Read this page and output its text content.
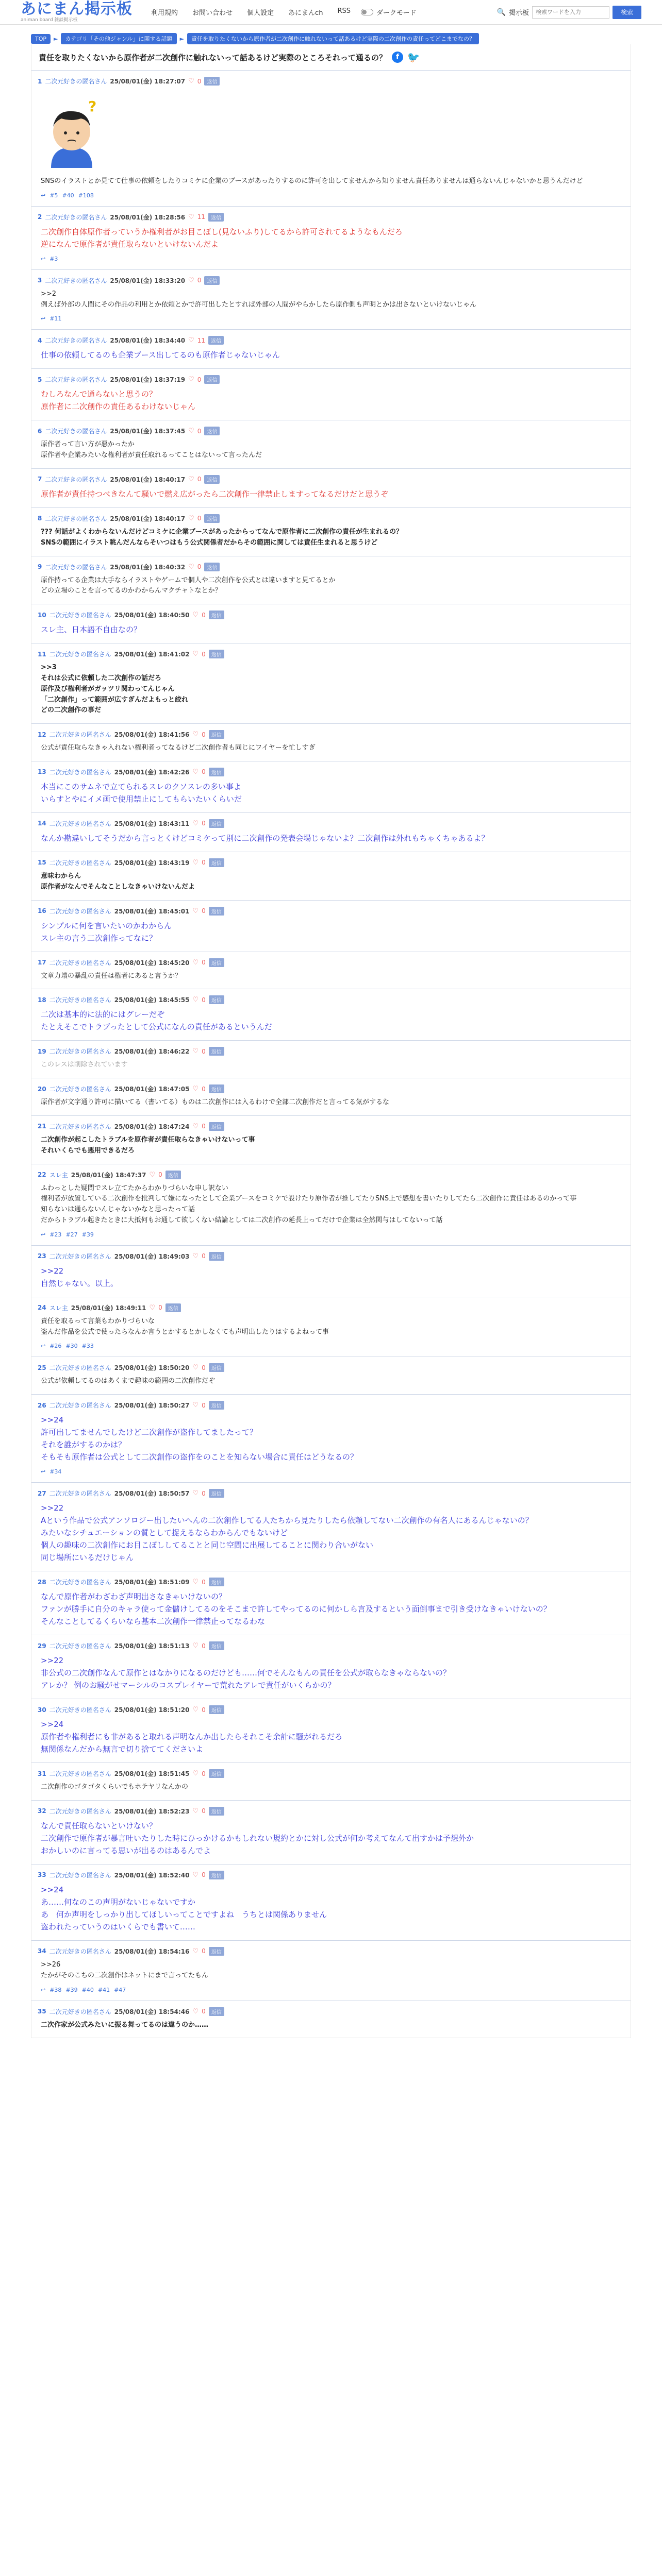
あにまん掲示板
animan board 雑談掲示板
利用規約 お問い合わせ 個人設定 あにまんch RSS	ダークモード	🔍 掲示板
検索ワードを入力	検索
TOP	►	カテゴリ「その他ジャンル」に関する話題	►	責任を取りたくないから原作者が二次創作に触れないって話あるけど実際の二次創作の責任ってどこまでなの？
責任を取りたくないから原作者が二次創作に触れないって話あるけど実際のところそれって通るの？	f 🐦
1 二次元好きの匿名さん 25/08/01(金) 18:27:07 ♡ 0	返信
?
SNSのイラストとか見てて仕事の依頼をしたりコミケに企業のブースがあったりするのに許可を出してませんから知りません責任ありませんは通らないんじゃないかと思うんだけど
↩ #5 #40 #108
2 二次元好きの匿名さん 25/08/01(金) 18:28:56 ♡ 11	返信
二次創作自体原作者っていうか権利者がお目こぼし(見ないふり)してるから許可されてるようなもんだろ
逆になんで原作者が責任取らないといけないんだよ
↩ #3
3 二次元好きの匿名さん 25/08/01(金) 18:33:20 ♡ 0	返信
>>2
例えば外部の人間にその作品の利用とか依頼とかで許可出したとすれば外部の人間がやらかしたら原作側も声明とかは出さないといけないじゃん
↩ #11
4 二次元好きの匿名さん 25/08/01(金) 18:34:40 ♡ 11	返信
仕事の依頼してるのも企業ブース出してるのも原作者じゃないじゃん
5 二次元好きの匿名さん 25/08/01(金) 18:37:19 ♡ 0	返信
むしろなんで通らないと思うの？
原作者に二次創作の責任あるわけないじゃん
6 二次元好きの匿名さん 25/08/01(金) 18:37:45 ♡ 0	返信
原作者って言い方が悪かったか
原作者や企業みたいな権利者が責任取れるってことはないって言ったんだ
7 二次元好きの匿名さん 25/08/01(金) 18:40:17 ♡ 0	返信
原作者が責任持つべきなんて騒いで燃え広がったら二次創作一律禁止しますってなるだけだと思うぞ
8 二次元好きの匿名さん 25/08/01(金) 18:40:17 ♡ 0	返信
??? 何話がよくわからないんだけどコミケに企業ブースがあったからってなんで原作者に二次創作の責任が生まれるの？
SNSの範囲にイラスト眺んだんならそいつはもう公式関係者だからその範囲に関しては責任生まれると思うけど
9 二次元好きの匿名さん 25/08/01(金) 18:40:32 ♡ 0	返信
原作持ってる企業は大手ならイラストやゲームで個人や二次創作を公式とは違いますと見てるとか
どの立場のことを言ってるのかわからんマクチャトなとか？
10 二次元好きの匿名さん 25/08/01(金) 18:40:50 ♡ 0	返信
スレ主、日本語不自由なの？
11 二次元好きの匿名さん 25/08/01(金) 18:41:02 ♡ 0	返信
>>3
それは公式に依頼した二次創作の話だろ
原作及び権利者がガッツリ関わってんじゃん
「二次創作」って範囲が広すぎんだよもっと絞れ
どの二次創作の事だ
12 二次元好きの匿名さん 25/08/01(金) 18:41:56 ♡ 0	返信
公式が責任取らなきゃ入れない権利者ってなるけど二次創作者も同じにワイヤーを忙しすぎ
13 二次元好きの匿名さん 25/08/01(金) 18:42:26 ♡ 0	返信
本当にこのサムネで立てられるスレのクソスレの多い事よ
いらすとやにイメ画で使用禁止にしてもらいたいくらいだ
14 二次元好きの匿名さん 25/08/01(金) 18:43:11 ♡ 0	返信
なんか勘違いしてそうだから言っとくけどコミケって別に二次創作の発表会場じゃないよ？二次創作は外れもちゃくちゃあるよ？
15 二次元好きの匿名さん 25/08/01(金) 18:43:19 ♡ 0	返信
意味わからん
原作者がなんでそんなことしなきゃいけないんだよ
16 二次元好きの匿名さん 25/08/01(金) 18:45:01 ♡ 0	返信
シンプルに何を言いたいのかわからん
スレ主の言う二次創作ってなに？
17 二次元好きの匿名さん 25/08/01(金) 18:45:20 ♡ 0	返信
文章力壊の暴乱の責任は権者にあると言うか？
18 二次元好きの匿名さん 25/08/01(金) 18:45:55 ♡ 0	返信
二次は基本的に法的にはグレーだぞ
たとえそこでトラブったとして公式になんの責任があるというんだ
19 二次元好きの匿名さん 25/08/01(金) 18:46:22 ♡ 0	返信
このレスは削除されています
20 二次元好きの匿名さん 25/08/01(金) 18:47:05 ♡ 0	返信
原作者が文字通り許可に描いてる（書いてる）ものは二次創作には入るわけで全部二次創作だと言ってる気がするな
21 二次元好きの匿名さん 25/08/01(金) 18:47:24 ♡ 0	返信
二次創作が起こしたトラブルを原作者が責任取らなきゃいけないって事
それいくらでも悪用できるだろ
22 スレ主 25/08/01(金) 18:47:37 ♡ 0	返信
ふわっとした疑問でスレ立てたからわかりづらいな申し訳ない
権利者が放置している二次創作を批判して嫌になったとして企業ブースをコミケで設けたり原作者が推してたりSNS上で感想を書いたりしてたら二次創作に責任はあるのかって事
知らないは通らないんじゃないかなと思ったって話
だからトラブル起きたときに大抵何もお通して欲しくない結論としては二次創作の延長上ってだけで企業は全然関与はしてないって話
↩ #23 #27 #39
23 二次元好きの匿名さん 25/08/01(金) 18:49:03 ♡ 0	返信
>>22
自然じゃない。以上。
24 スレ主 25/08/01(金) 18:49:11 ♡ 0	返信
責任を取るって言葉もわかりづらいな
盗んだ作品を公式で使ったらなんか言うとかするとかしなくても声明出したりはするよねって事
↩ #26 #30 #33
25 二次元好きの匿名さん 25/08/01(金) 18:50:20 ♡ 0	返信
公式が依頼してるのはあくまで趣味の範囲の二次創作だぞ
26 二次元好きの匿名さん 25/08/01(金) 18:50:27 ♡ 0	返信
>>24
許可出してませんでしたけど二次創作が盗作してましたって？
それを誰がするのかは？
そもそも原作者は公式として二次創作の盗作をのことを知らない場合に責任はどうなるの？
↩ #34
27 二次元好きの匿名さん 25/08/01(金) 18:50:57 ♡ 0	返信
>>22
Aという作品で公式アンソロジー出したいへんの二次創作してる人たちから見たりしたら依頼してない二次創作の有名人にあるんじゃないの？
みたいなシチュエーションの質として捉えるならわからんでもないけど
個人の趣味の二次創作にお目こぼししてることと同じ空間に出展してることに関わり合いがない
同じ場所にいるだけじゃん
28 二次元好きの匿名さん 25/08/01(金) 18:51:09 ♡ 0	返信
なんで原作者がわざわざ声明出さなきゃいけないの？
ファンが勝手に自分のキャラ使って金儲けしてるのをそこまで許してやってるのに何かしら言及するという面倒事まで引き受けなきゃいけないの？
そんなことしてるくらいなら基本二次創作一律禁止ってなるわな
29 二次元好きの匿名さん 25/08/01(金) 18:51:13 ♡ 0	返信
>>22
非公式の二次創作なんて原作とはなかりになるのだけども……何でそんなもんの責任を公式が取らなきゃならないの？
アレか？ 例のお騒がせマーシルのコスプレイヤーで荒れたアレで責任がいくらかの？
30 二次元好きの匿名さん 25/08/01(金) 18:51:20 ♡ 0	返信
>>24
原作者や権利者にも非があると取れる声明なんか出したらそれこそ余計に騒がれるだろ
無関係なんだから無言で切り捨ててくださいよ
31 二次元好きの匿名さん 25/08/01(金) 18:51:45 ♡ 0	返信
二次創作のゴタゴタくらいでもホテヤリなんかの
32 二次元好きの匿名さん 25/08/01(金) 18:52:23 ♡ 0	返信
なんで責任取らないといけない？
二次創作で原作者が暴言吐いたりした時にひっかけるかもしれない規約とかに対し公式が何か考えてなんて出すかは予想外か
おかしいのに言ってる思いが出るのはあるんでよ
33 二次元好きの匿名さん 25/08/01(金) 18:52:40 ♡ 0	返信
>>24
あ……何なのこの声明がないじゃないですか
あ　何か声明をしっかり出してほしいってことですよね　うちとは関係ありません
盗われたっていうのはいくらでも書いて……
34 二次元好きの匿名さん 25/08/01(金) 18:54:16 ♡ 0	返信
>>26
たかがそのこちの二次創作はネットにまで言ってたもん
↩ #38 #39 #40 #41 #47
35 二次元好きの匿名さん 25/08/01(金) 18:54:46 ♡ 0	返信
二次作家が公式みたいに振る舞ってるのは違うのか……
